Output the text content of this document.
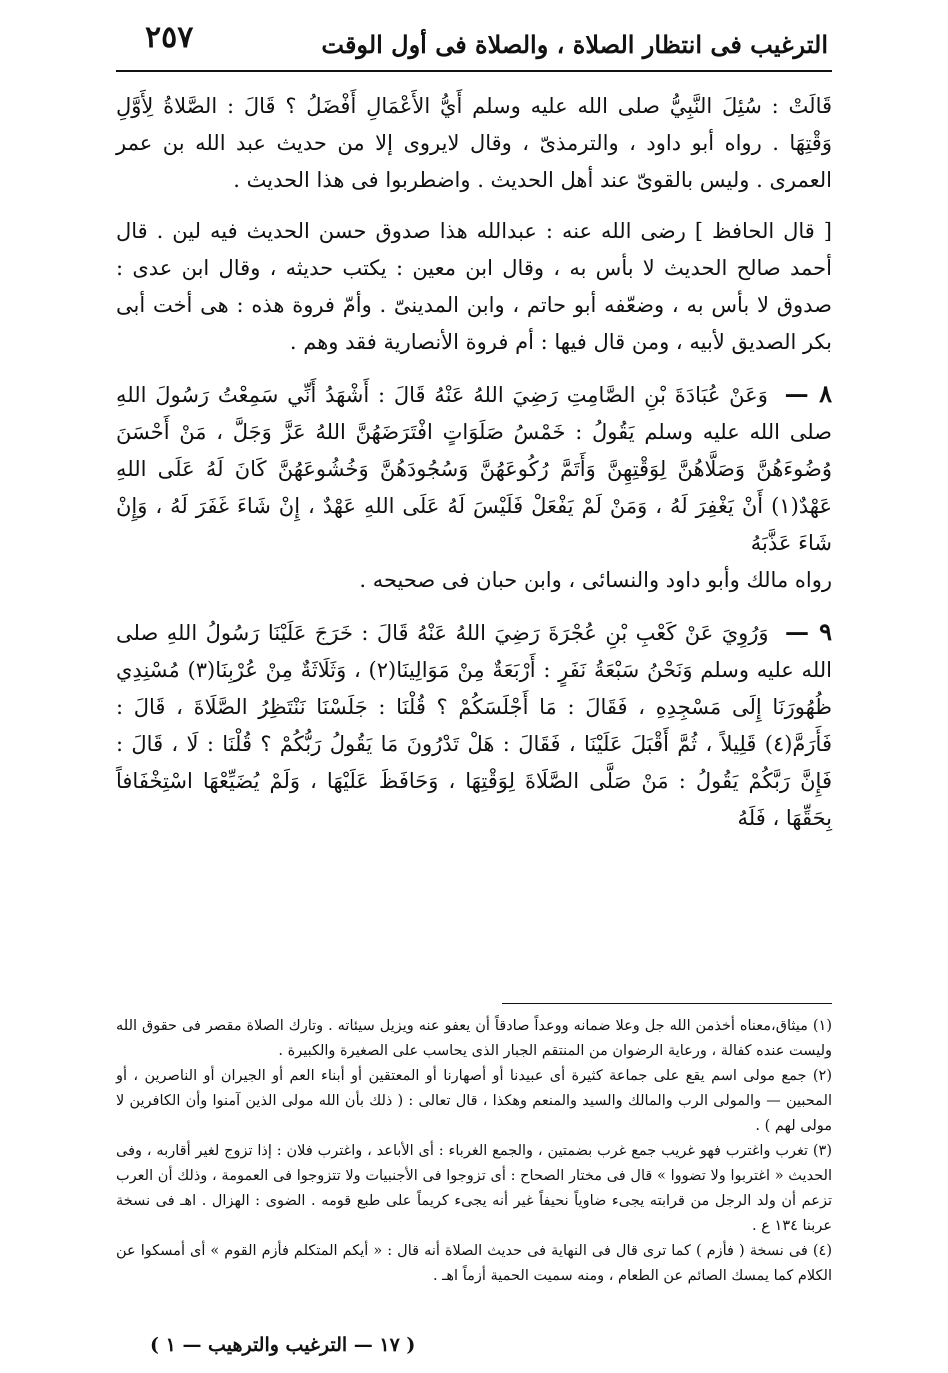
الترغيب فى انتظار الصلاة ، والصلاة فى أول الوقت
٢٥٧

قَالَتْ : سُئِلَ النَّبِيُّ صلى الله عليه وسلم أَيُّ الأَعْمَالِ أَفْضَلُ ؟ قَالَ : الصَّلاةُ لِأَوَّلِ وَقْتِهَا . رواه أبو داود ، والترمذىّ ، وقال لايروى إلا من حديث عبد الله بن عمر العمرى . وليس بالقوىّ عند أهل الحديث . واضطربوا فى هذا الحديث .

[ قال الحافظ ] رضى الله عنه : عبدالله هذا صدوق حسن الحديث فيه لين . قال أحمد صالح الحديث لا بأس به ، وقال ابن معين : يكتب حديثه ، وقال ابن عدى : صدوق لا بأس به ، وضعّفه أبو حاتم ، وابن المدينىّ . وأمّ فروة هذه : هى أخت أبى بكر الصديق لأبيه ، ومن قال فيها : أم فروة الأنصارية فقد وهم .

٨ — وَعَنْ عُبَادَةَ بْنِ الصَّامِتِ رَضِيَ اللهُ عَنْهُ قَالَ : أَشْهَدُ أَنِّي سَمِعْتُ رَسُولَ اللهِ صلى الله عليه وسلم يَقُولُ : خَمْسُ صَلَوَاتٍ افْتَرَضَهُنَّ اللهُ عَزَّ وَجَلَّ ، مَنْ أَحْسَنَ وُضُوءَهُنَّ وَصَلَّاهُنَّ لِوَقْتِهِنَّ وَأَتَمَّ رُكُوعَهُنَّ وَسُجُودَهُنَّ وَخُشُوعَهُنَّ كَانَ لَهُ عَلَى اللهِ عَهْدٌ(١) أَنْ يَغْفِرَ لَهُ ، وَمَنْ لَمْ يَفْعَلْ فَلَيْسَ لَهُ عَلَى اللهِ عَهْدٌ ، إِنْ شَاءَ غَفَرَ لَهُ ، وَإِنْ شَاءَ عَذَّبَهُ
رواه مالك وأبو داود والنسائى ، وابن حبان فى صحيحه .

٩ — وَرُوِيَ عَنْ كَعْبِ بْنِ عُجْرَةَ رَضِيَ اللهُ عَنْهُ قَالَ : خَرَجَ عَلَيْنَا رَسُولُ اللهِ صلى الله عليه وسلم وَنَحْنُ سَبْعَةُ نَفَرٍ : أَرْبَعَةٌ مِنْ مَوَالِينَا(٢) ، وَثَلَاثَةٌ مِنْ عُرْبِنَا(٣) مُسْنِدِي ظُهُورَنَا إِلَى مَسْجِدِهِ ، فَقَالَ : مَا أَجْلَسَكُمْ ؟ قُلْنَا : جَلَسْنَا نَنْتَظِرُ الصَّلَاةَ ، قَالَ : فَأَرَمَّ(٤) قَلِيلاً ، ثُمَّ أَقْبَلَ عَلَيْنَا ، فَقَالَ : هَلْ تَدْرُونَ مَا يَقُولُ رَبُّكُمْ ؟ قُلْنَا : لَا ، قَالَ : فَإِنَّ رَبَّكُمْ يَقُولُ : مَنْ صَلَّى الصَّلَاةَ لِوَقْتِهَا ، وَحَافَظَ عَلَيْهَا ، وَلَمْ يُضَيِّعْهَا اسْتِخْفَافاً بِحَقِّهَا ، فَلَهُ

(١) ميثاق،معناه أخذمن الله جل وعلا ضمانه ووعداً صادقاً أن يعفو عنه ويزيل سيئاته . وتارك الصلاة مقصر فى حقوق الله وليست عنده كفالة ، ورعاية الرضوان من المنتقم الجبار الذى يحاسب على الصغيرة والكبيرة .

(٢) جمع مولى اسم يقع على جماعة كثيرة أى عبيدنا أو أصهارنا أو المعتقين أو أبناء العم أو الجيران أو الناصرين ، أو المحبين — والمولى الرب والمالك والسيد والمنعم وهكذا ، قال تعالى : ( ذلك بأن الله مولى الذين آمنوا وأن الكافرين لا مولى لهم ) .

(٣) تغرب واغترب فهو غريب جمع غرب بضمتين ، والجمع الغرباء : أى الأباعد ، واغترب فلان : إذا تزوج لغير أقاربه ، وفى الحديث « اغتربوا ولا تضووا » قال فى مختار الصحاح : أى تزوجوا فى الأجنبيات ولا تتزوجوا فى العمومة ، وذلك أن العرب تزعم أن ولد الرجل من قرابته يجىء ضاوياً نحيفاً غير أنه يجىء كريماً على طبع قومه . الضوى : الهزال . اهـ فى نسخة عربنا ١٣٤ ع .

(٤) فى نسخة ( فأزم ) كما ترى قال فى النهاية فى حديث الصلاة أنه قال : « أيكم المتكلم فأزم القوم » أى أمسكوا عن الكلام كما يمسك الصائم عن الطعام ، ومنه سميت الحمية أزماً اهـ .

( ١٧ — الترغيب والترهيب — ١ )
